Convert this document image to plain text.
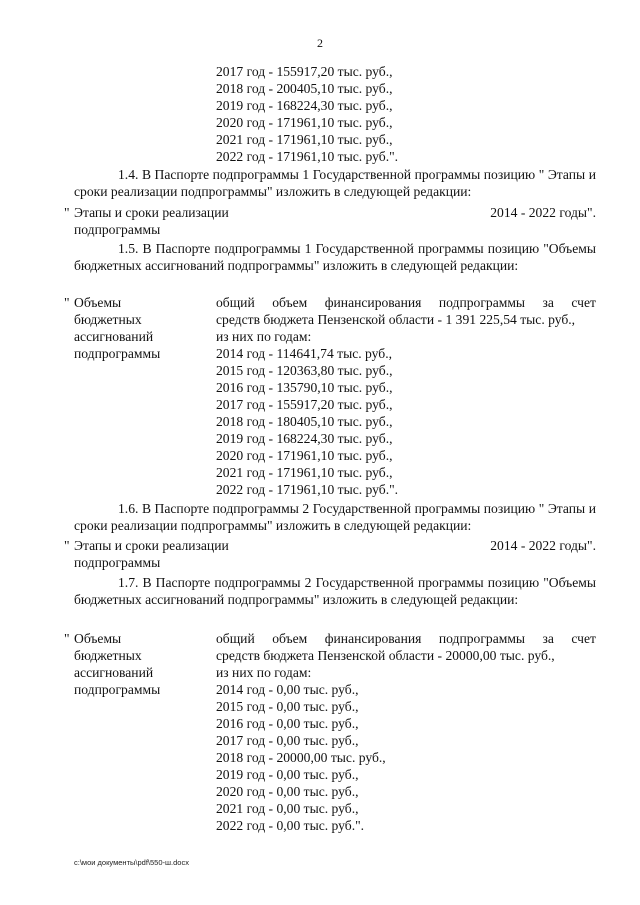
2
2017 год - 155917,20 тыс. руб.,
2018 год - 200405,10 тыс. руб.,
2019 год - 168224,30 тыс. руб.,
2020 год - 171961,10 тыс. руб.,
2021 год - 171961,10 тыс. руб.,
2022 год - 171961,10 тыс. руб.".
1.4. В Паспорте подпрограммы 1 Государственной программы позицию " Этапы и сроки реализации подпрограммы" изложить в следующей редакции:
" Этапы и сроки реализации подпрограммы
2014 - 2022 годы".
1.5. В Паспорте подпрограммы 1 Государственной программы позицию "Объемы бюджетных ассигнований подпрограммы" изложить в следующей редакции:
" Объемы
бюджетных
ассигнований
подпрограммы
общий объем финансирования подпрограммы за счет
средств бюджета Пензенской области - 1 391 225,54 тыс. руб.,
из них по годам:
2014 год - 114641,74 тыс. руб.,
2015 год - 120363,80 тыс. руб.,
2016 год - 135790,10 тыс. руб.,
2017 год - 155917,20 тыс. руб.,
2018 год - 180405,10 тыс. руб.,
2019 год - 168224,30 тыс. руб.,
2020 год - 171961,10 тыс. руб.,
2021 год - 171961,10 тыс. руб.,
2022 год - 171961,10 тыс. руб.".
1.6. В Паспорте подпрограммы 2 Государственной программы позицию " Этапы и сроки реализации подпрограммы" изложить в следующей редакции:
" Этапы и сроки реализации подпрограммы
2014 - 2022 годы".
1.7. В Паспорте подпрограммы 2 Государственной программы позицию "Объемы бюджетных ассигнований подпрограммы" изложить в следующей редакции:
" Объемы
бюджетных
ассигнований
подпрограммы
общий объем финансирования подпрограммы за счет
средств бюджета Пензенской области - 20000,00 тыс. руб.,
из них по годам:
2014 год - 0,00 тыс. руб.,
2015 год - 0,00 тыс. руб.,
2016 год - 0,00 тыс. руб.,
2017 год - 0,00 тыс. руб.,
2018 год - 20000,00 тыс. руб.,
2019 год - 0,00 тыс. руб.,
2020 год - 0,00 тыс. руб.,
2021 год - 0,00 тыс. руб.,
2022 год - 0,00 тыс. руб.".
c:\мои документы\pdf\550-ш.docx
